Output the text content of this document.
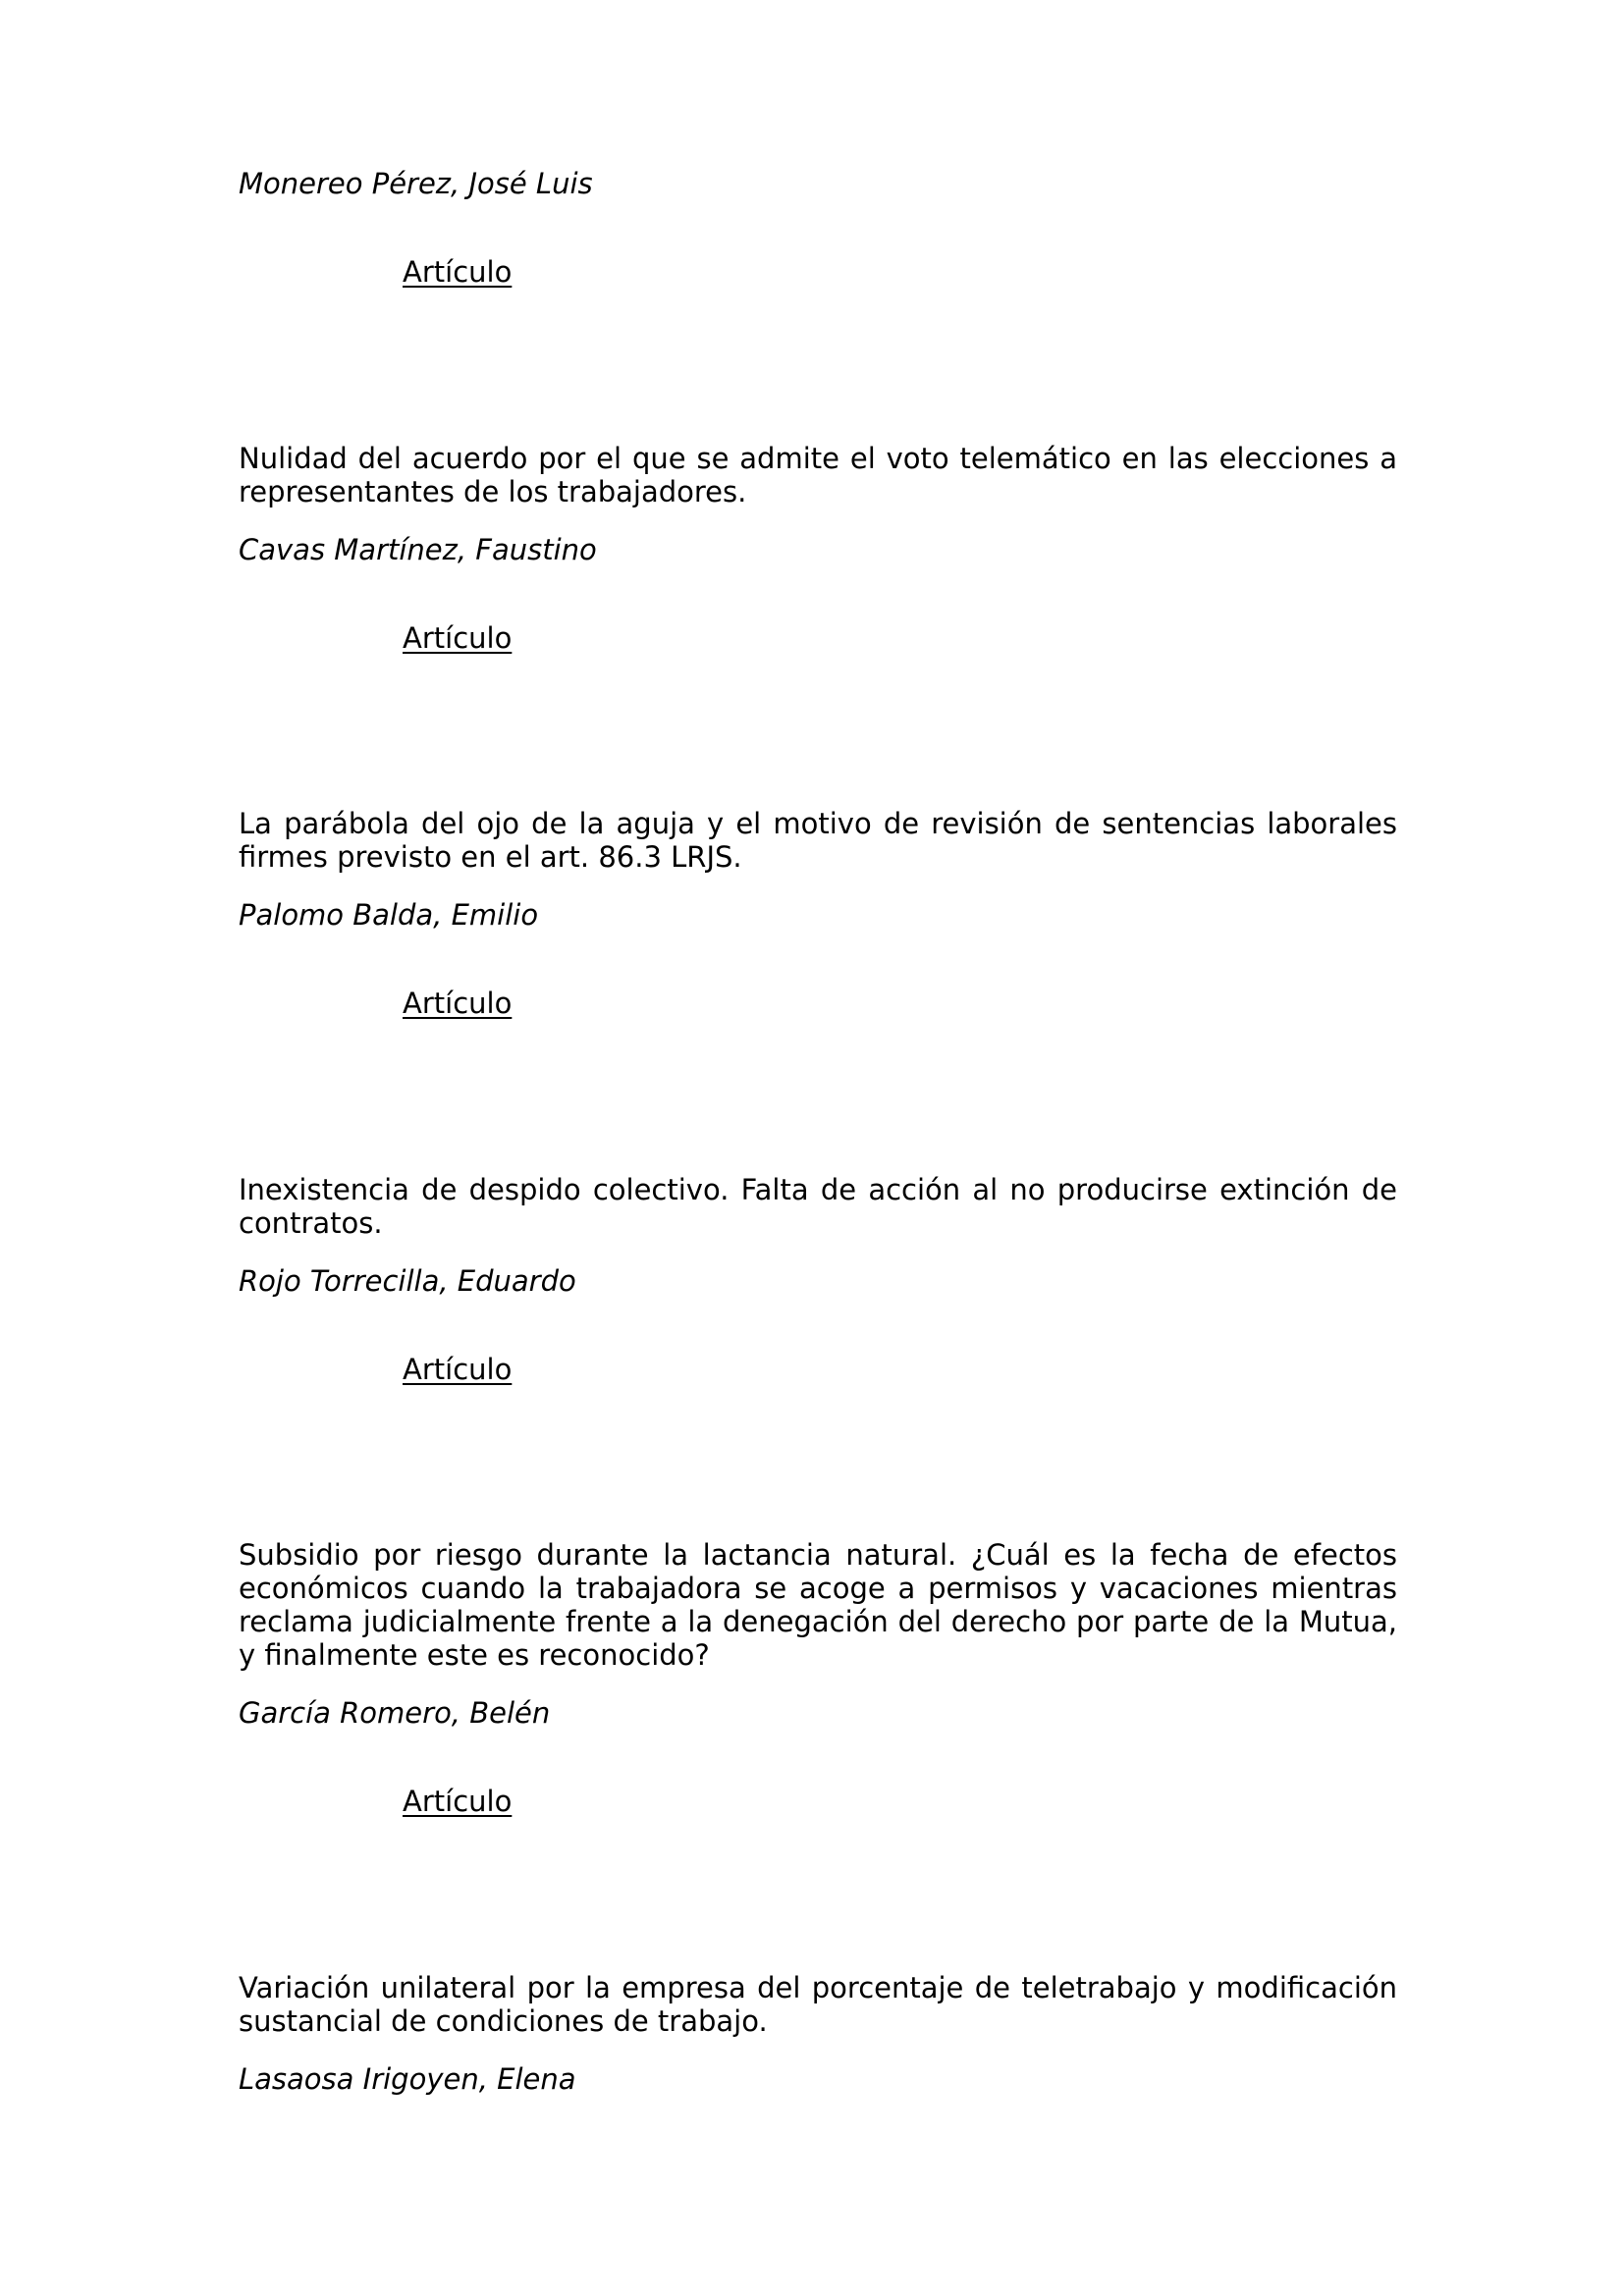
Monereo Pérez, José Luis

Artículo

Nulidad del acuerdo por el que se admite el voto telemático en las elecciones a representantes de los trabajadores.

Cavas Martínez, Faustino

Artículo

La parábola del ojo de la aguja y el motivo de revisión de sentencias laborales firmes previsto en el art. 86.3 LRJS.

Palomo Balda, Emilio

Artículo

Inexistencia de despido colectivo. Falta de acción al no producirse extinción de contratos.

Rojo Torrecilla, Eduardo

Artículo

Subsidio por riesgo durante la lactancia natural. ¿Cuál es la fecha de efectos económicos cuando la trabajadora se acoge a permisos y vacaciones mientras reclama judicialmente frente a la denegación del derecho por parte de la Mutua, y finalmente este es reconocido?

García Romero, Belén

Artículo

Variación unilateral por la empresa del porcentaje de teletrabajo y modificación sustancial de condiciones de trabajo.

Lasaosa Irigoyen, Elena
